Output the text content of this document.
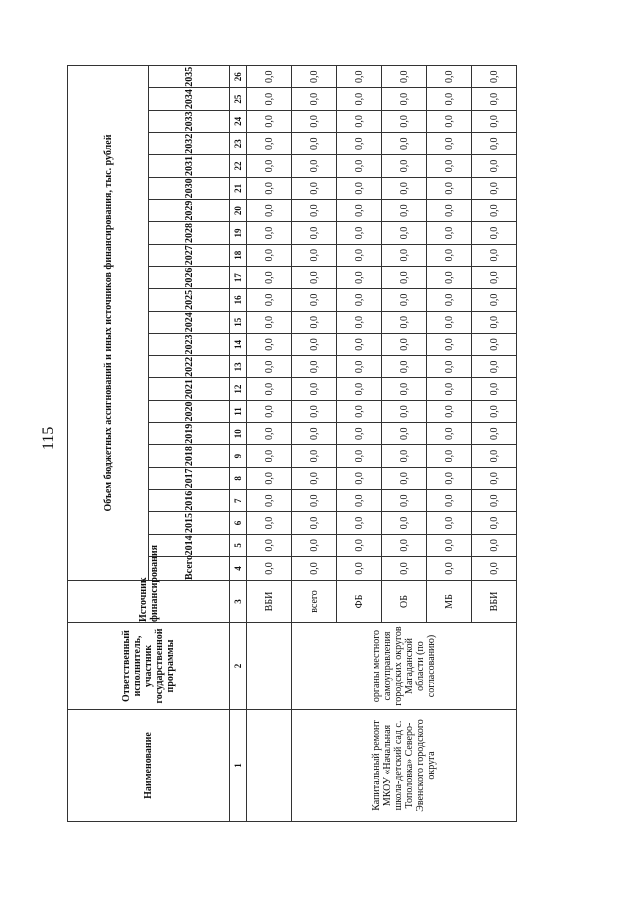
115
Наименование	Ответственный исполнитель, участник государственной программы	Источник финансирования	Объем бюджетных ассигнований и иных источников финансирования, тыс. рублей																						
			Всего	2014	2015	2016	2017	2018	2019	2020	2021	2022	2023	2024	2025	2026	2027	2028	2029	2030	2031	2032	2033	2034	2035
1	2	3	4	5	6	7	8	9	10	11	12	13	14	15	16	17	18	19	20	21	22	23	24	25	26
		ВБИ	0,0	0,0	0,0	0,0	0,0	0,0	0,0	0,0	0,0	0,0	0,0	0,0	0,0	0,0	0,0	0,0	0,0	0,0	0,0	0,0	0,0	0,0	0,0
Капитальный ремонт МКОУ «Начальная школа-детский сад с. Тополовка» Северо-Эвенского городского округа	органы местного самоуправления городских округов Магаданской области (по согласованию)	всего	0,0	0,0	0,0	0,0	0,0	0,0	0,0	0,0	0,0	0,0	0,0	0,0	0,0	0,0	0,0	0,0	0,0	0,0	0,0	0,0	0,0	0,0	0,0
		ФБ	0,0	0,0	0,0	0,0	0,0	0,0	0,0	0,0	0,0	0,0	0,0	0,0	0,0	0,0	0,0	0,0	0,0	0,0	0,0	0,0	0,0	0,0	0,0
		ОБ	0,0	0,0	0,0	0,0	0,0	0,0	0,0	0,0	0,0	0,0	0,0	0,0	0,0	0,0	0,0	0,0	0,0	0,0	0,0	0,0	0,0	0,0	0,0
		МБ	0,0	0,0	0,0	0,0	0,0	0,0	0,0	0,0	0,0	0,0	0,0	0,0	0,0	0,0	0,0	0,0	0,0	0,0	0,0	0,0	0,0	0,0	0,0
		ВБИ	0,0	0,0	0,0	0,0	0,0	0,0	0,0	0,0	0,0	0,0	0,0	0,0	0,0	0,0	0,0	0,0	0,0	0,0	0,0	0,0	0,0	0,0	0,0
